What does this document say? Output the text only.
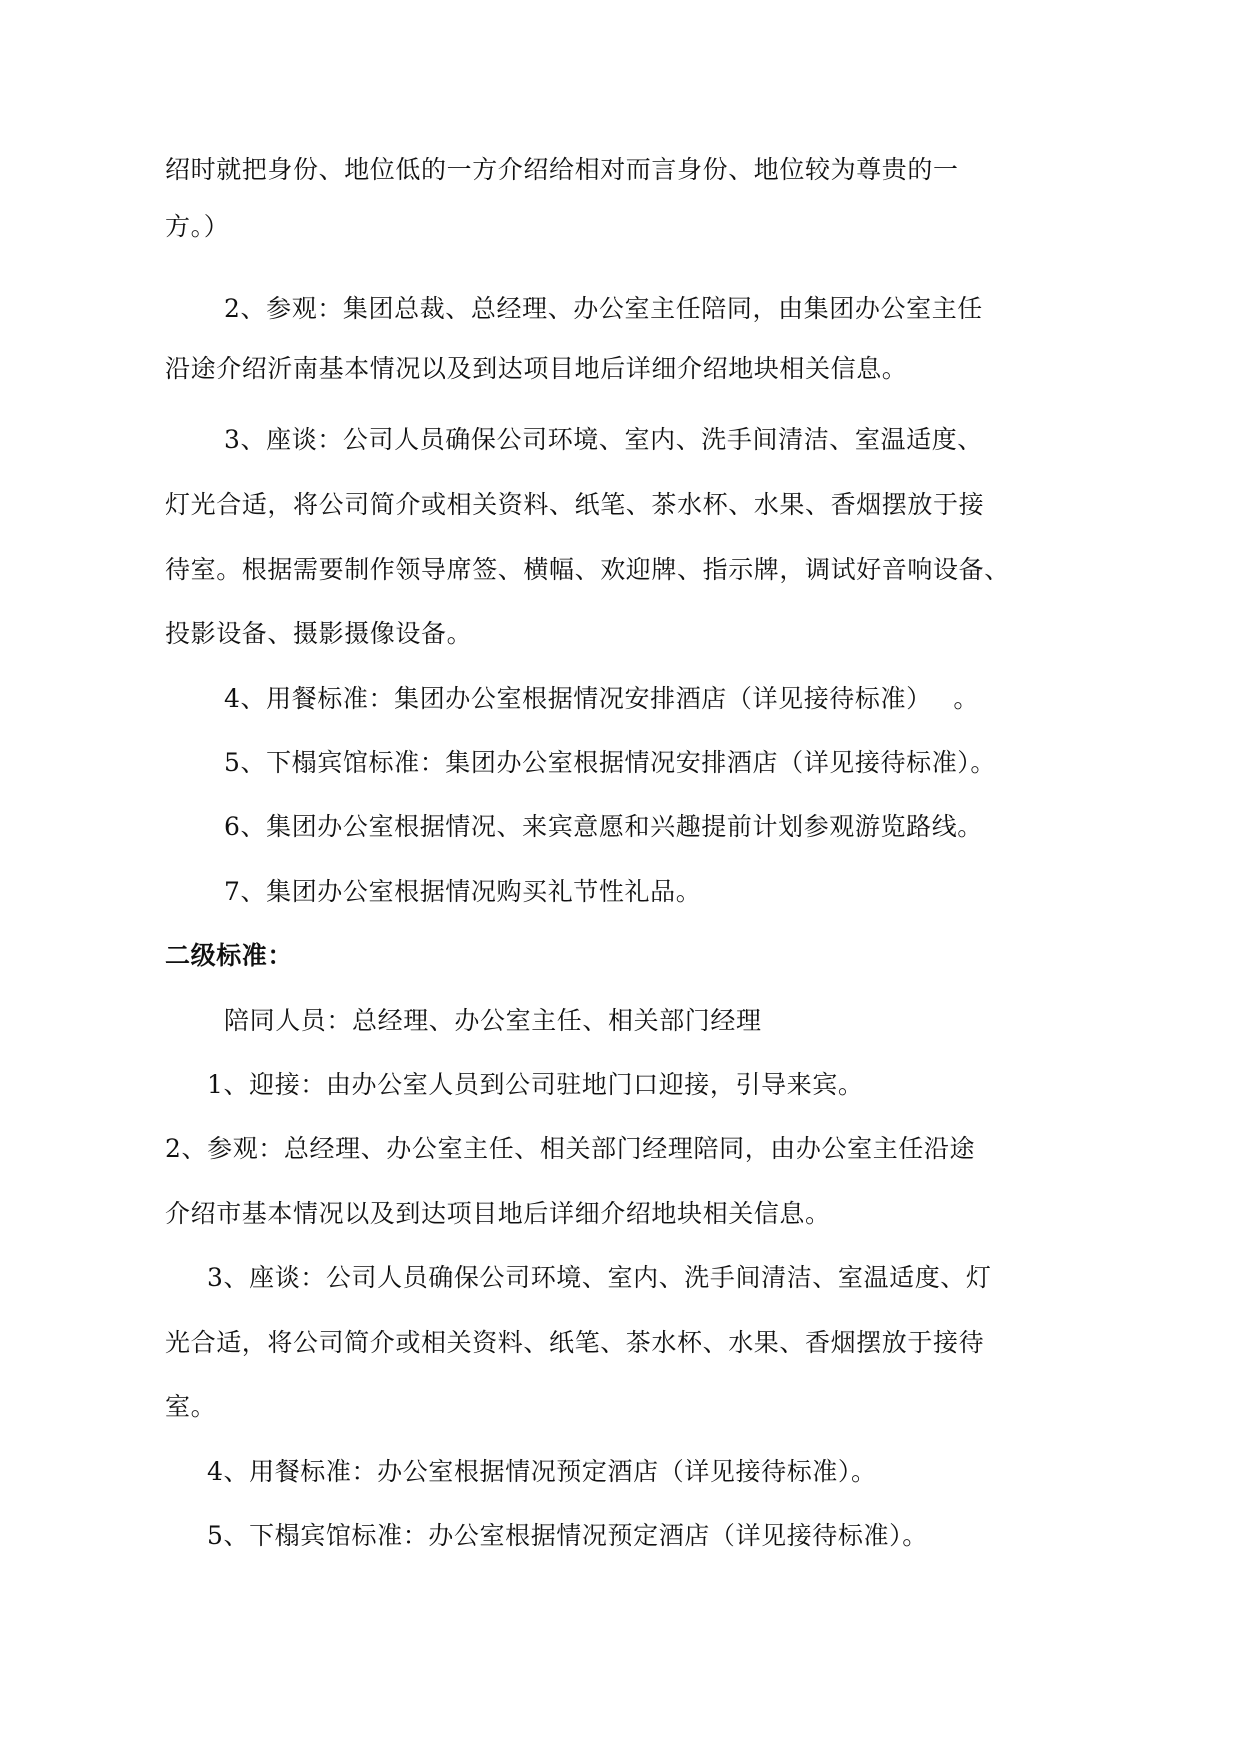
绍时就把身份、地位低的一方介绍给相对而言身份、地位较为尊贵的一
方。）
2、参观：集团总裁、总经理、办公室主任陪同，由集团办公室主任
沿途介绍沂南基本情况以及到达项目地后详细介绍地块相关信息。
3、座谈：公司人员确保公司环境、室内、洗手间清洁、室温适度、
灯光合适，将公司简介或相关资料、纸笔、茶水杯、水果、香烟摆放于接
待室。根据需要制作领导席签、横幅、欢迎牌、指示牌，调试好音响设备、
投影设备、摄影摄像设备。
4、用餐标准：集团办公室根据情况安排酒店（详见接待标准）　 。
5、下榻宾馆标准：集团办公室根据情况安排酒店（详见接待标准）。
6、集团办公室根据情况、来宾意愿和兴趣提前计划参观游览路线。
7、集团办公室根据情况购买礼节性礼品。
二级标准：
陪同人员：总经理、办公室主任、相关部门经理
1、迎接：由办公室人员到公司驻地门口迎接，引导来宾。
2、参观：总经理、办公室主任、相关部门经理陪同，由办公室主任沿途
介绍市基本情况以及到达项目地后详细介绍地块相关信息。
3、座谈：公司人员确保公司环境、室内、洗手间清洁、室温适度、灯
光合适，将公司简介或相关资料、纸笔、茶水杯、水果、香烟摆放于接待
室。
4、用餐标准：办公室根据情况预定酒店（详见接待标准）。
5、下榻宾馆标准：办公室根据情况预定酒店（详见接待标准）。
